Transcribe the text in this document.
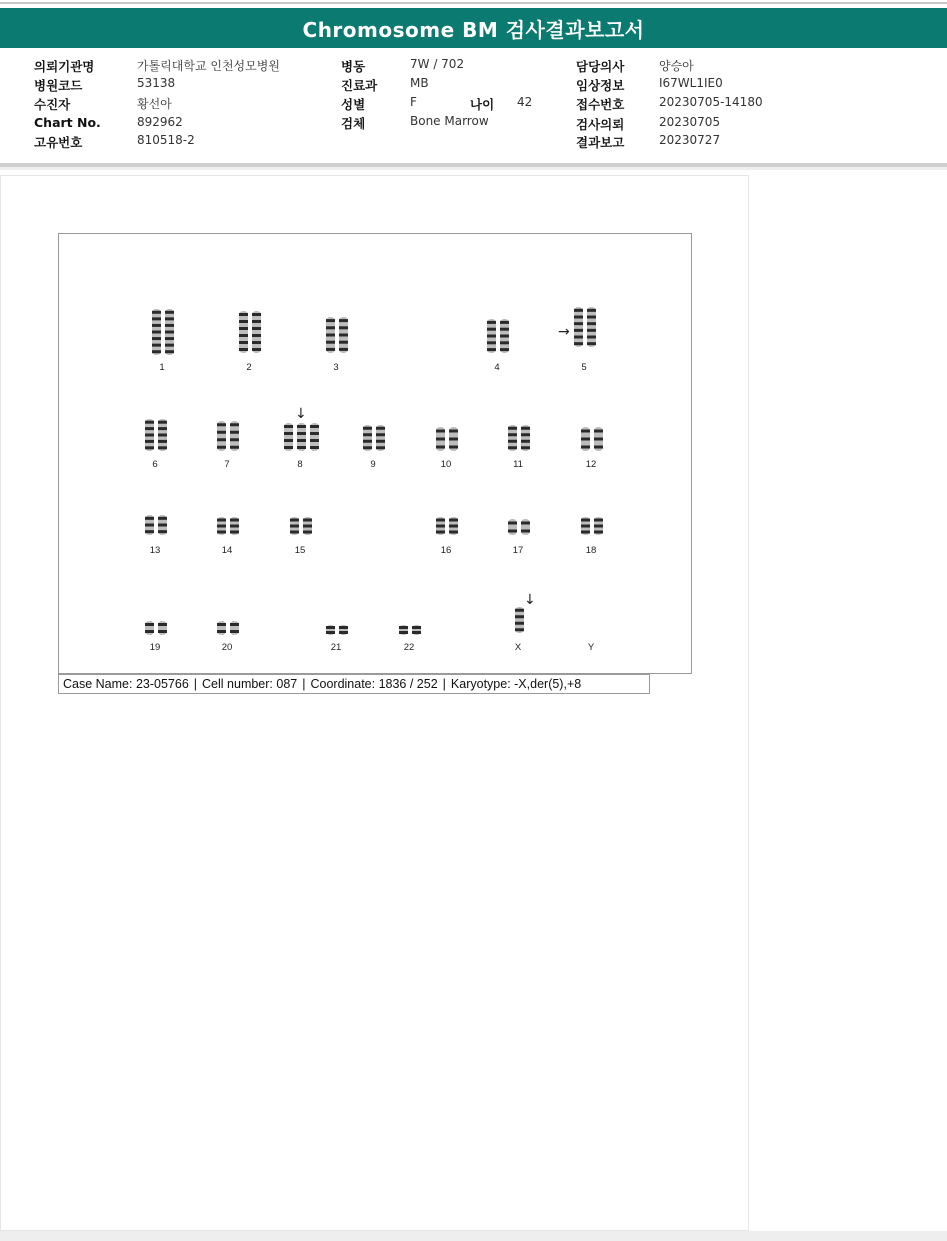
Chromosome BM 검사결과보고서
의뢰기관명	가톨릭대학교 인천성모병원
병원코드	53138
수진자	황선아
Chart No.	892962
고유번호	810518-2
병동	7W / 702
진료과	MB
성별	F	나이 42
검체	Bone Marrow
담당의사	양승아
임상정보	I67WL1IE0
접수번호	20230705-14180
검사의뢰	20230705
결과보고	20230727
1	2	3	4	5
6	7	8	9	10	11	12
13	14	15	16	17	18
19	20	21	22	X	Y
→
↓
↓
Case Name: 23-05766 | Cell number: 087 | Coordinate: 1836 / 252 | Karyotype: -X,der(5),+8
